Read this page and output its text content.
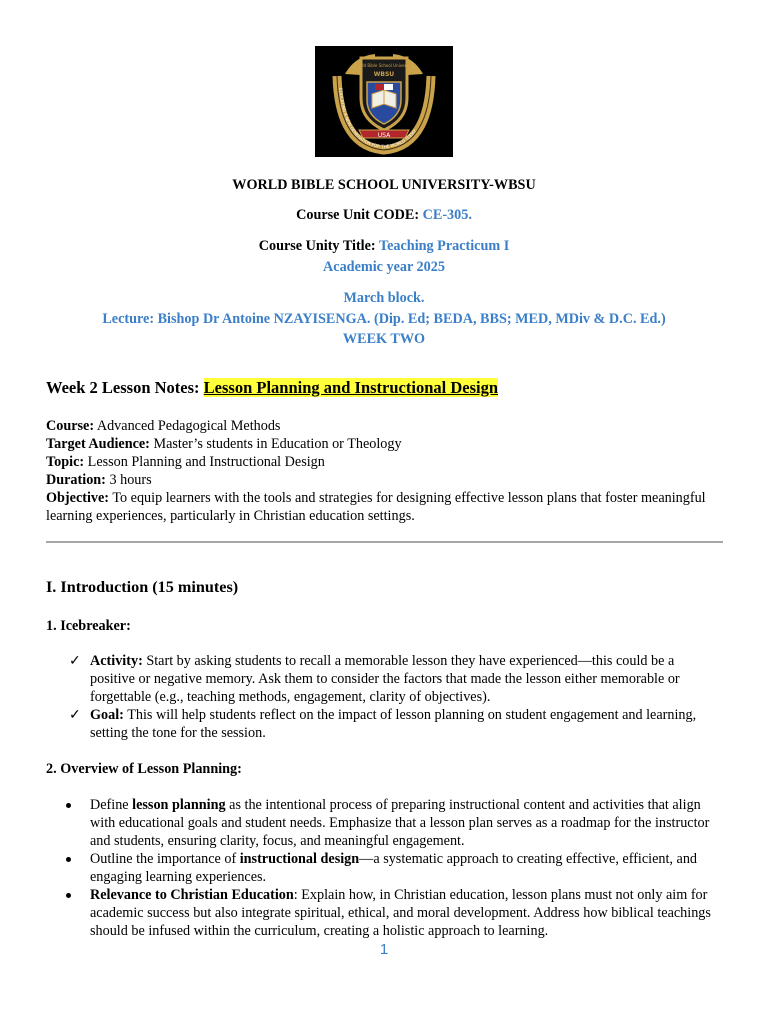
USA
World Bible School University
WBSU
EDUCATING A NEW GENERATION FOR THE WORLD TODAY
WORLD BIBLE SCHOOL UNIVERSITY-WBSU
Course Unit CODE: CE-305.
Course Unity Title: Teaching Practicum I
Academic year 2025
March block.
Lecture: Bishop Dr Antoine NZAYISENGA. (Dip. Ed; BEDA, BBS; MED, MDiv & D.C. Ed.)
WEEK TWO
Week 2 Lesson Notes: Lesson Planning and Instructional Design

Course: Advanced Pedagogical Methods

Target Audience: Master’s students in Education or Theology

Topic: Lesson Planning and Instructional Design

Duration: 3 hours

Objective: To equip learners with the tools and strategies for designing effective lesson plans that foster meaningful learning experiences, particularly in Christian education settings.

I. Introduction (15 minutes)
1. Icebreaker:
✓ Activity: Start by asking students to recall a memorable lesson they have experienced—this could be a positive or negative memory. Ask them to consider the factors that made the lesson either memorable or forgettable (e.g., teaching methods, engagement, clarity of objectives).
✓ Goal: This will help students reflect on the impact of lesson planning on student engagement and learning, setting the tone for the session.
2. Overview of Lesson Planning:
Define lesson planning as the intentional process of preparing instructional content and activities that align with educational goals and student needs. Emphasize that a lesson plan serves as a roadmap for the instructor and students, ensuring clarity, focus, and meaningful engagement.
Outline the importance of instructional design—a systematic approach to creating effective, efficient, and engaging learning experiences.
Relevance to Christian Education: Explain how, in Christian education, lesson plans must not only aim for academic success but also integrate spiritual, ethical, and moral development. Address how biblical teachings should be infused within the curriculum, creating a holistic approach to learning.
1
